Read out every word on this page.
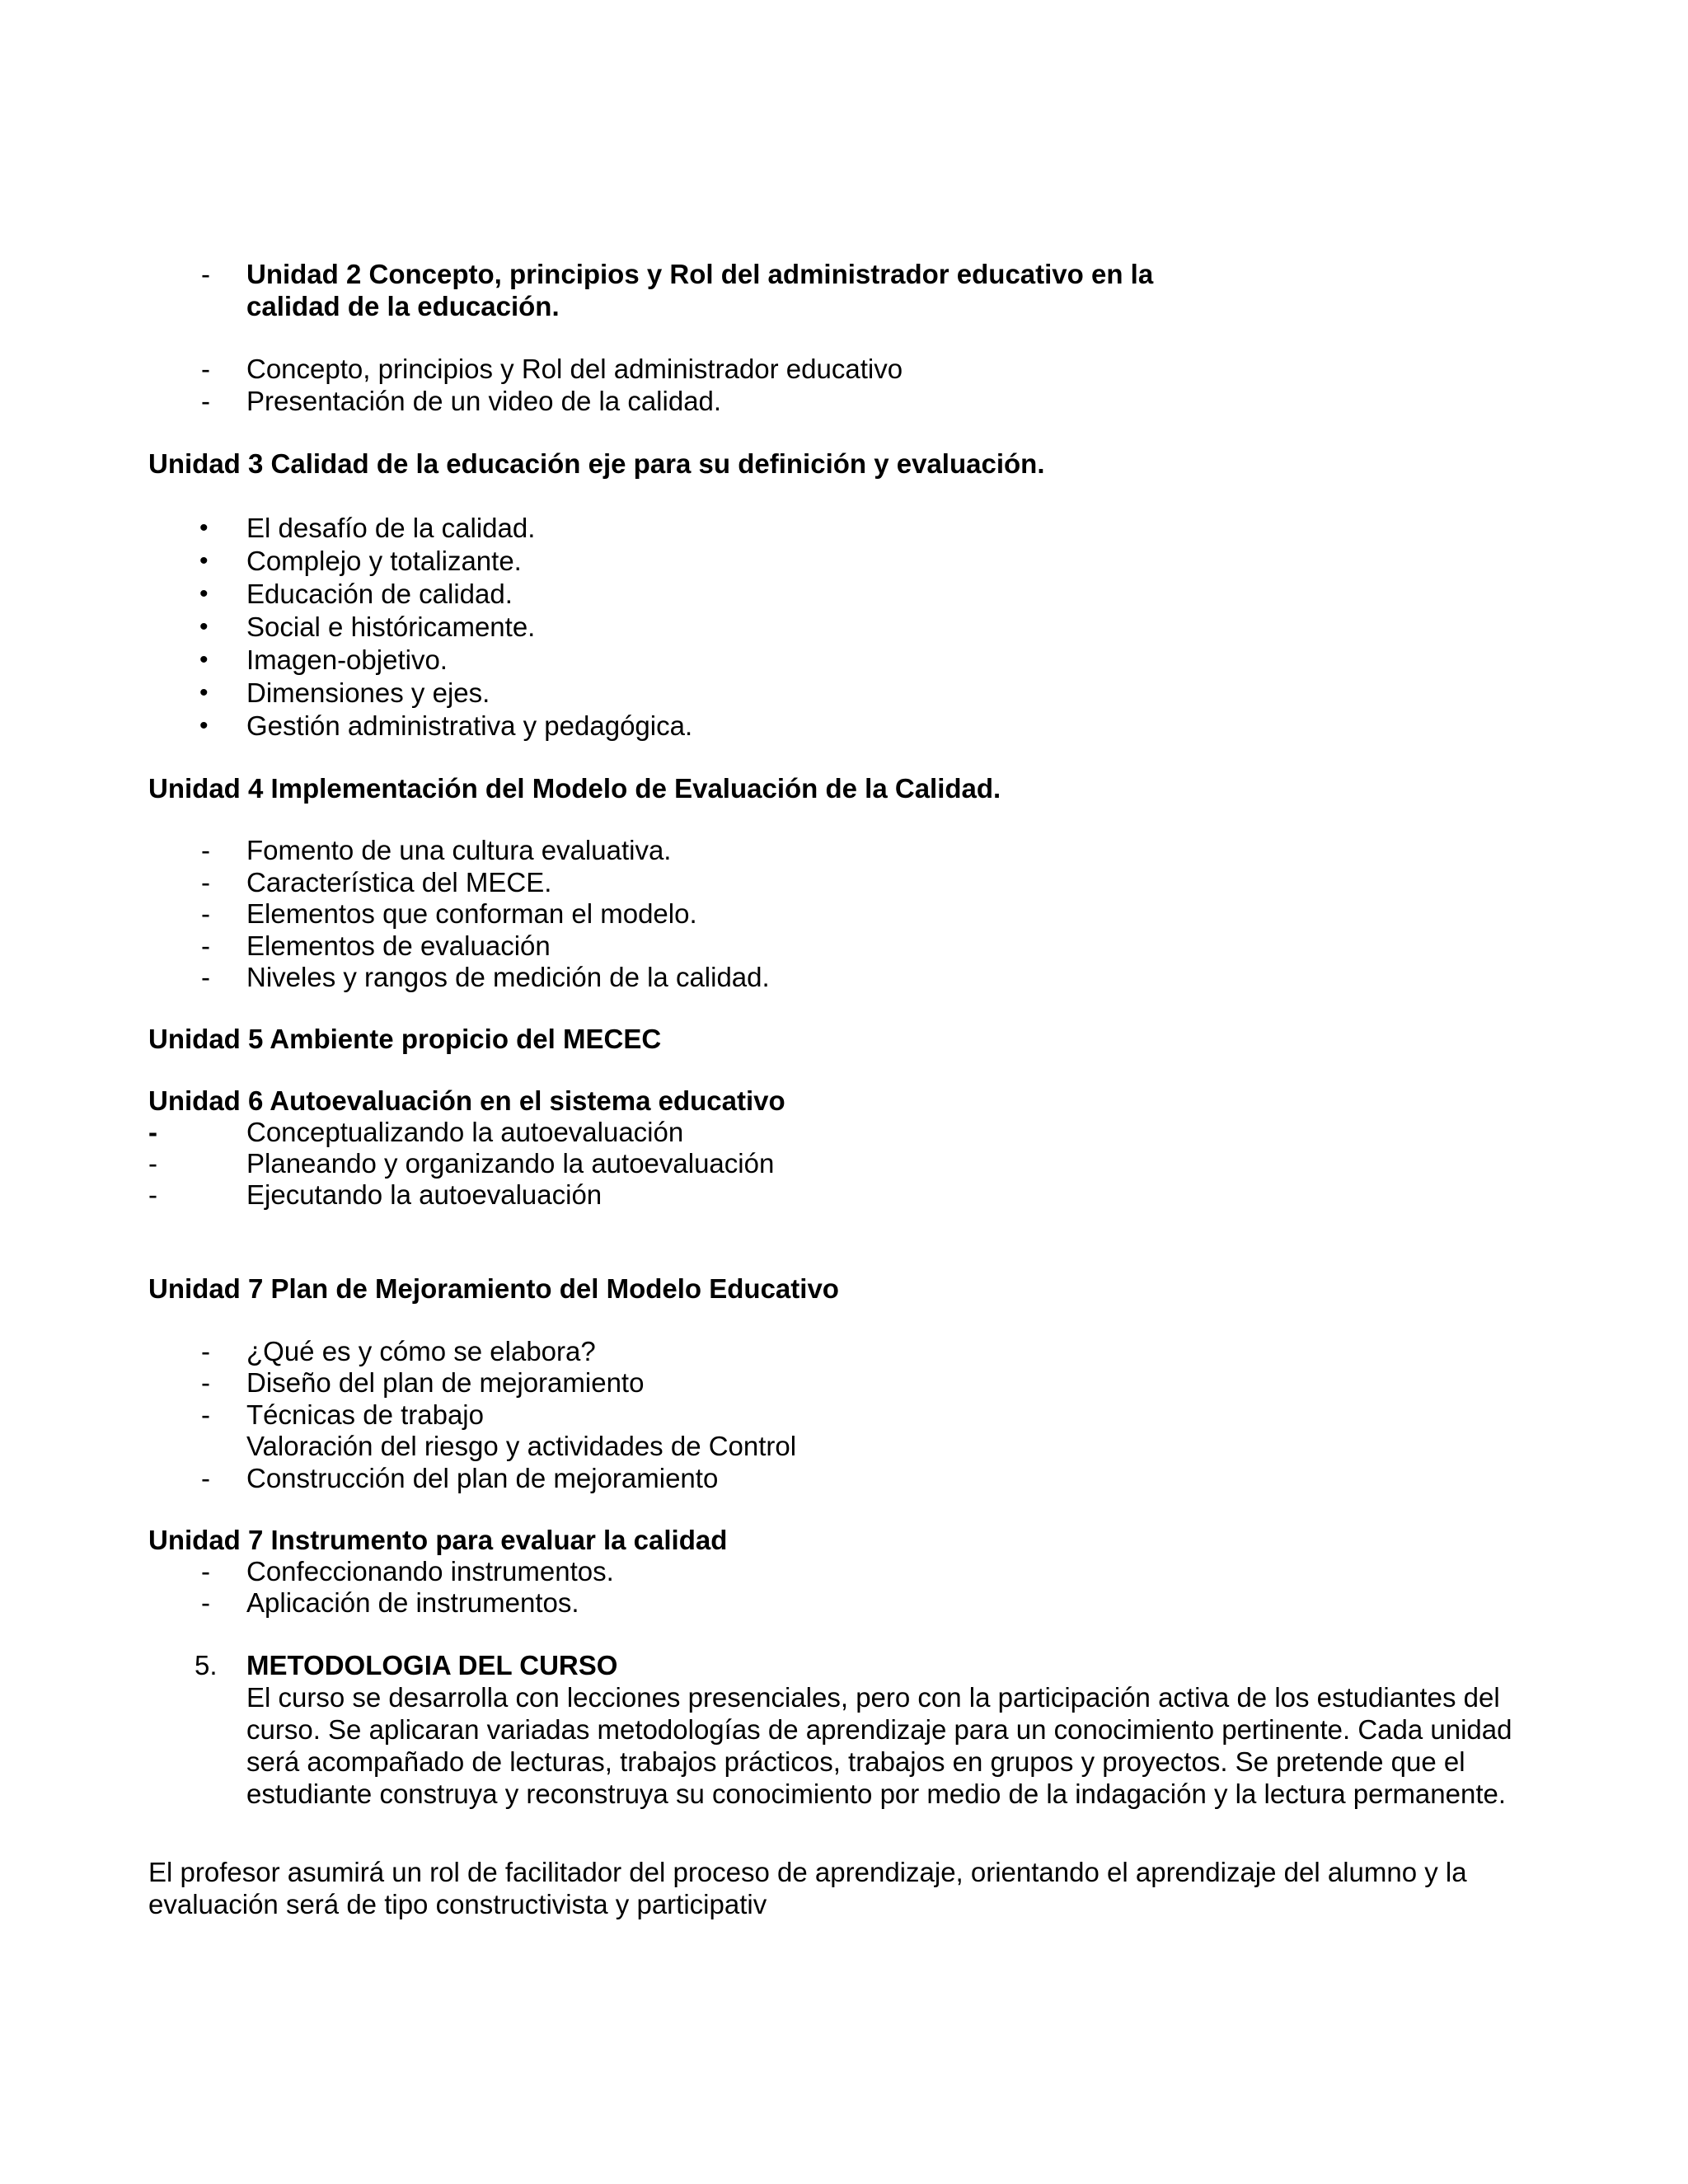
- Unidad 2 Concepto, principios y Rol del administrador educativo en la
calidad de la educación.
- Concepto, principios y Rol del administrador educativo
- Presentación de un video de la calidad.
Unidad 3 Calidad de la educación eje para su definición y evaluación.
• El desafío de la calidad.
• Complejo y totalizante.
• Educación de calidad.
• Social e históricamente.
• Imagen-objetivo.
• Dimensiones y ejes.
• Gestión administrativa y pedagógica.
Unidad 4 Implementación del Modelo de Evaluación de la Calidad.
- Fomento de una cultura evaluativa.
- Característica del MECE.
- Elementos que conforman el modelo.
- Elementos de evaluación
- Niveles y rangos de medición de la calidad.
Unidad 5 Ambiente propicio del MECEC
Unidad 6 Autoevaluación en el sistema educativo
-	Conceptualizando la autoevaluación
-	Planeando y organizando la autoevaluación
-	Ejecutando la autoevaluación
Unidad 7 Plan de Mejoramiento del Modelo Educativo
- ¿Qué es y cómo se elabora?
- Diseño del plan de mejoramiento
- Técnicas de trabajo
Valoración del riesgo y actividades de Control
- Construcción del plan de mejoramiento
Unidad 7 Instrumento para evaluar la calidad
- Confeccionando instrumentos.
- Aplicación de instrumentos.
5. METODOLOGIA DEL CURSO
El curso se desarrolla con lecciones presenciales, pero con la participación activa de los estudiantes del curso. Se aplicaran variadas metodologías de aprendizaje para un conocimiento pertinente. Cada unidad será acompañado de lecturas, trabajos prácticos, trabajos en grupos y proyectos. Se pretende que el estudiante construya y reconstruya su conocimiento por medio de la indagación y la lectura permanente.
El profesor asumirá un rol de facilitador del proceso de aprendizaje, orientando el aprendizaje del alumno y la evaluación será de tipo constructivista y participativ
